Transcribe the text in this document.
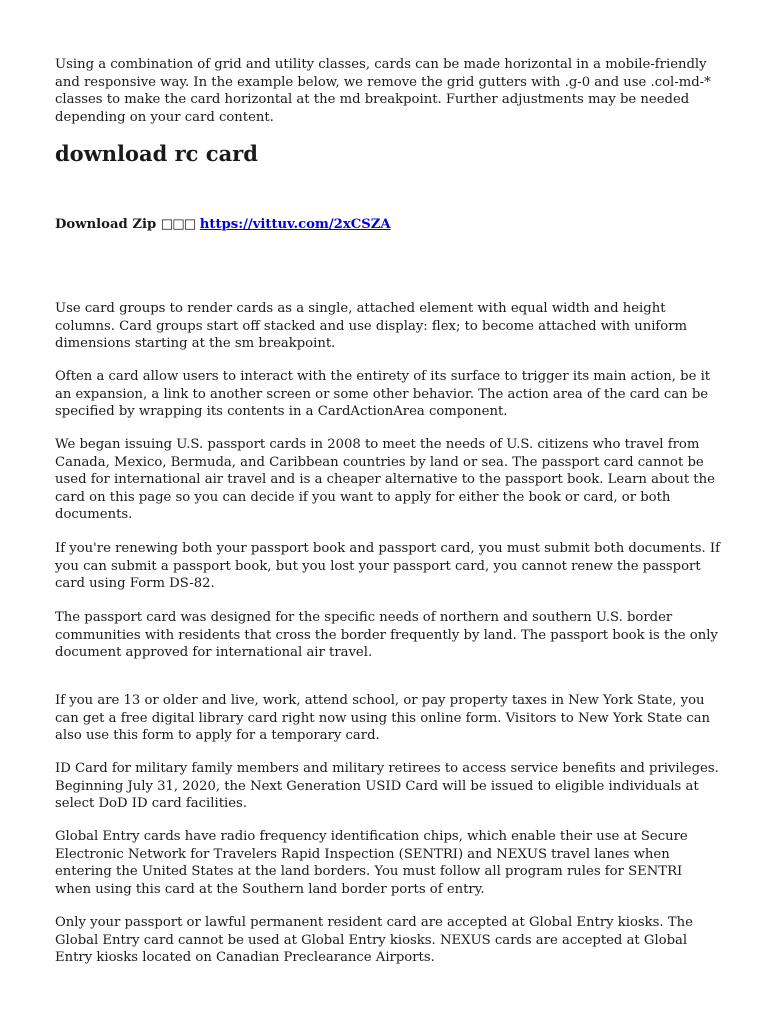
Using a combination of grid and utility classes, cards can be made horizontal in a mobile-friendly and responsive way. In the example below, we remove the grid gutters with .g-0 and use .col-md-* classes to make the card horizontal at the md breakpoint. Further adjustments may be needed depending on your card content.

download rc card
Download Zip □□□ https://vittuv.com/2xCSZA

Use card groups to render cards as a single, attached element with equal width and height columns. Card groups start off stacked and use display: flex; to become attached with uniform dimensions starting at the sm breakpoint.

Often a card allow users to interact with the entirety of its surface to trigger its main action, be it an expansion, a link to another screen or some other behavior. The action area of the card can be specified by wrapping its contents in a CardActionArea component.

We began issuing U.S. passport cards in 2008 to meet the needs of U.S. citizens who travel from Canada, Mexico, Bermuda, and Caribbean countries by land or sea. The passport card cannot be used for international air travel and is a cheaper alternative to the passport book. Learn about the card on this page so you can decide if you want to apply for either the book or card, or both documents.

If you're renewing both your passport book and passport card, you must submit both documents. If you can submit a passport book, but you lost your passport card, you cannot renew the passport card using Form DS-82.

The passport card was designed for the specific needs of northern and southern U.S. border communities with residents that cross the border frequently by land. The passport book is the only document approved for international air travel.

If you are 13 or older and live, work, attend school, or pay property taxes in New York State, you can get a free digital library card right now using this online form. Visitors to New York State can also use this form to apply for a temporary card.

ID Card for military family members and military retirees to access service benefits and privileges. Beginning July 31, 2020, the Next Generation USID Card will be issued to eligible individuals at select DoD ID card facilities.

Global Entry cards have radio frequency identification chips, which enable their use at Secure Electronic Network for Travelers Rapid Inspection (SENTRI) and NEXUS travel lanes when entering the United States at the land borders. You must follow all program rules for SENTRI when using this card at the Southern land border ports of entry.

Only your passport or lawful permanent resident card are accepted at Global Entry kiosks. The Global Entry card cannot be used at Global Entry kiosks. NEXUS cards are accepted at Global Entry kiosks located on Canadian Preclearance Airports.
